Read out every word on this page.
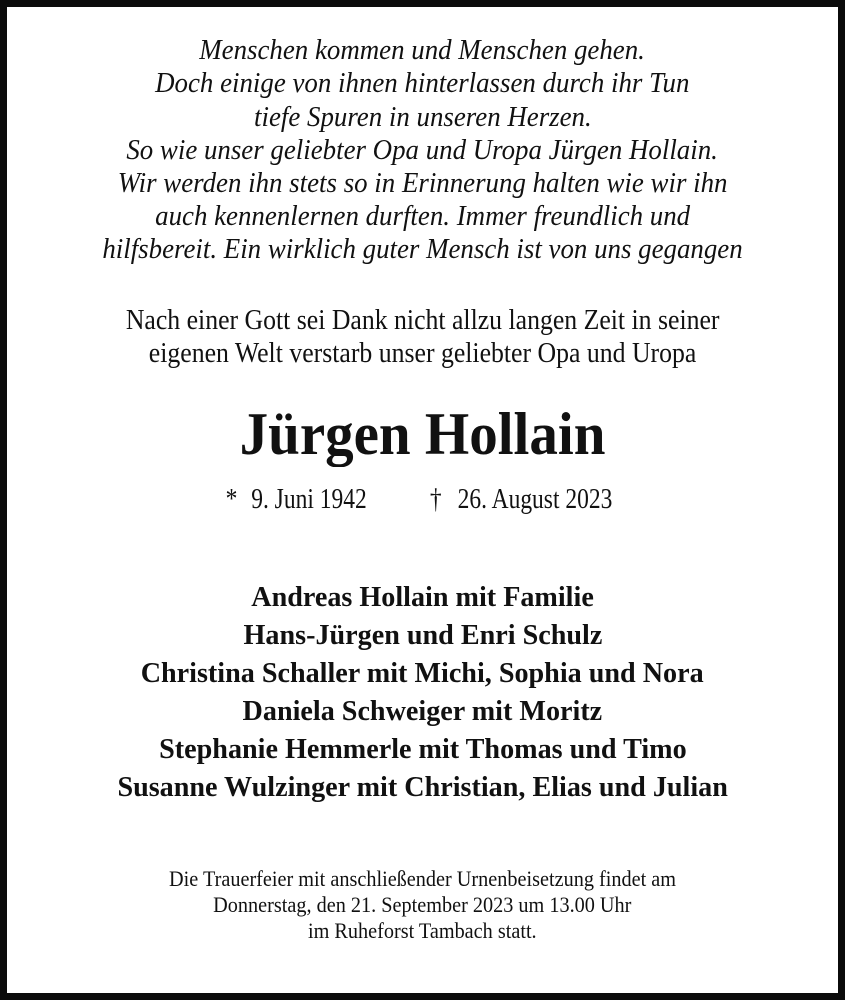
Menschen kommen und Menschen gehen.
Doch einige von ihnen hinterlassen durch ihr Tun
tiefe Spuren in unseren Herzen.
So wie unser geliebter Opa und Uropa Jürgen Hollain.
Wir werden ihn stets so in Erinnerung halten wie wir ihn
auch kennenlernen durften. Immer freundlich und
hilfsbereit. Ein wirklich guter Mensch ist von uns gegangen
Nach einer Gott sei Dank nicht allzu langen Zeit in seiner
eigenen Welt verstarb unser geliebter Opa und Uropa
Jürgen Hollain
* 9. Juni 1942 † 26. August 2023
Andreas Hollain mit Familie
Hans-Jürgen und Enri Schulz
Christina Schaller mit Michi, Sophia und Nora
Daniela Schweiger mit Moritz
Stephanie Hemmerle mit Thomas und Timo
Susanne Wulzinger mit Christian, Elias und Julian
Die Trauerfeier mit anschließender Urnenbeisetzung findet am
Donnerstag, den 21. September 2023 um 13.00 Uhr
im Ruheforst Tambach statt.
